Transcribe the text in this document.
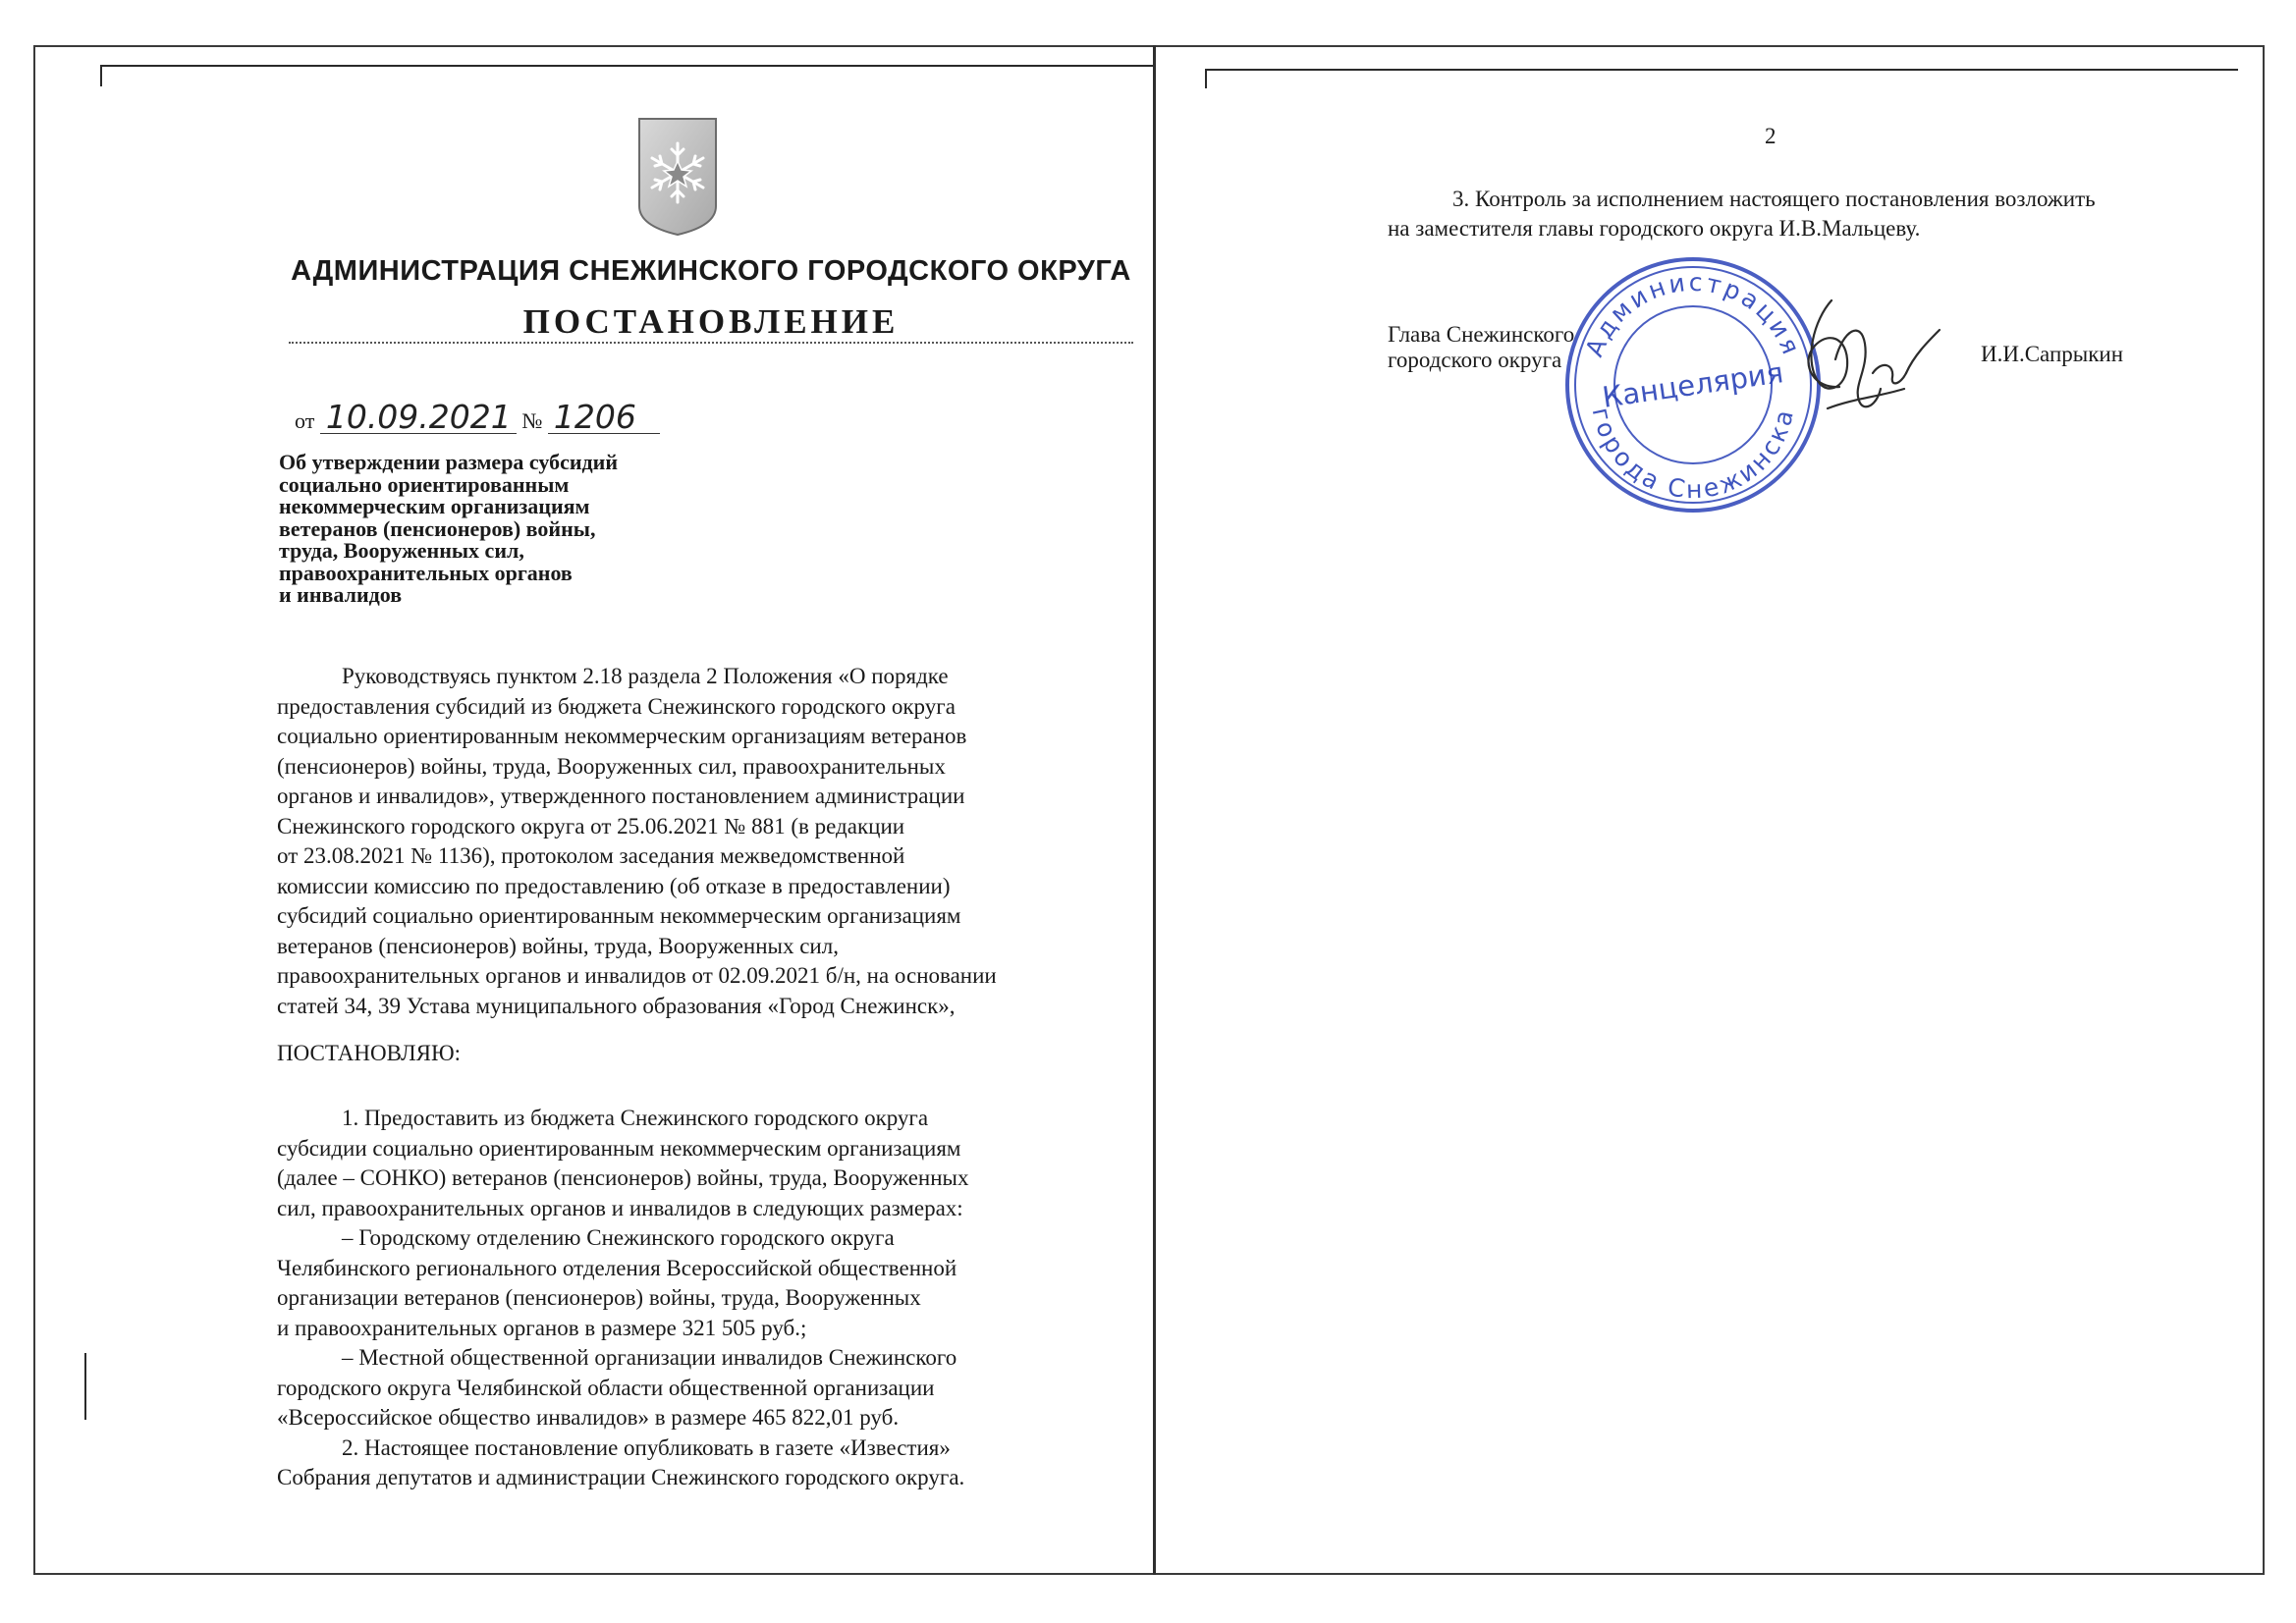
АДМИНИСТРАЦИЯ СНЕЖИНСКОГО ГОРОДСКОГО ОКРУГА
ПОСТАНОВЛЕНИЕ
от 10.09.2021 № 1206
Об утверждении размера субсидий
социально ориентированным
некоммерческим организациям
ветеранов (пенсионеров) войны,
труда, Вооруженных сил,
правоохранительных органов
и инвалидов

Руководствуясь пунктом 2.18 раздела 2 Положения «О порядке

предоставления субсидий из бюджета Снежинского городского округа

социально ориентированным некоммерческим организациям ветеранов

(пенсионеров) войны, труда, Вооруженных сил, правоохранительных

органов и инвалидов», утвержденного постановлением администрации

Снежинского городского округа от 25.06.2021 № 881 (в редакции

от 23.08.2021 № 1136), протоколом заседания межведомственной

комиссии комиссию по предоставлению (об отказе в предоставлении)

субсидий социально ориентированным некоммерческим организациям

ветеранов (пенсионеров) войны, труда, Вооруженных сил,

правоохранительных органов и инвалидов от 02.09.2021 б/н, на основании

статей 34, 39 Устава муниципального образования «Город Снежинск»,

ПОСТАНОВЛЯЮ:

1. Предоставить из бюджета Снежинского городского округа

субсидии социально ориентированным некоммерческим организациям

(далее – СОНКО) ветеранов (пенсионеров) войны, труда, Вооруженных

сил, правоохранительных органов и инвалидов в следующих размерах:

– Городскому отделению Снежинского городского округа

Челябинского регионального отделения Всероссийской общественной

организации ветеранов (пенсионеров) войны, труда, Вооруженных

и правоохранительных органов в размере 321 505 руб.;

– Местной общественной организации инвалидов Снежинского

городского округа Челябинской области общественной организации

«Всероссийское общество инвалидов» в размере 465 822,01 руб.

2. Настоящее постановление опубликовать в газете «Известия»

Собрания депутатов и администрации Снежинского городского округа.

2

3. Контроль за исполнением настоящего постановления возложить
на заместителя главы городского округа И.В.Мальцеву.
Глава Снежинского
городского округа	И.И.Сапрыкин

Администрация
города Снежинска
Канцелярия
